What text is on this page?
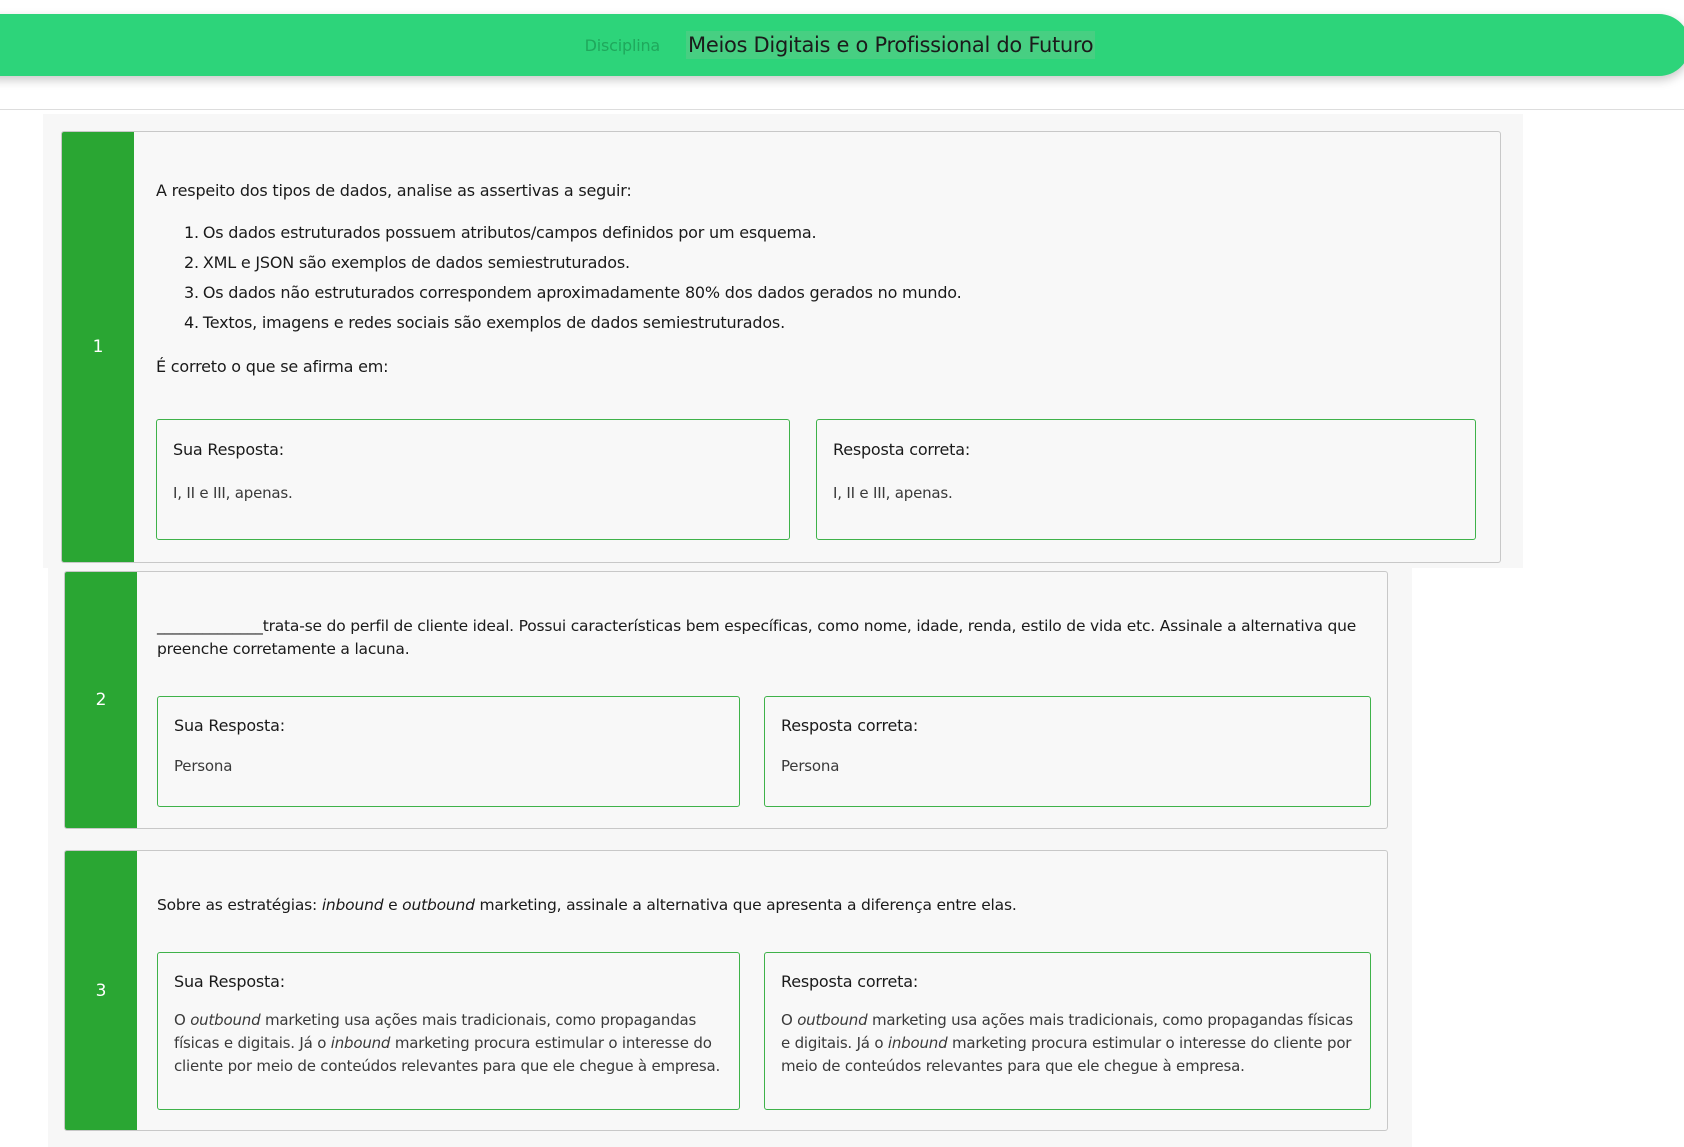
Disciplina Meios Digitais e o Profissional do Futuro
1
A respeito dos tipos de dados, analise as assertivas a seguir:
1. Os dados estruturados possuem atributos/campos definidos por um esquema.
2. XML e JSON são exemplos de dados semiestruturados.
3. Os dados não estruturados correspondem aproximadamente 80% dos dados gerados no mundo.
4. Textos, imagens e redes sociais são exemplos de dados semiestruturados.
É correto o que se afirma em:
Sua Resposta:
I, II e III, apenas.
Resposta correta:
I, II e III, apenas.
2
______________trata-se do perfil de cliente ideal. Possui características bem específicas, como nome, idade, renda, estilo de vida etc. Assinale a alternativa que preenche corretamente a lacuna.
Sua Resposta:
Persona
Resposta correta:
Persona
3
Sobre as estratégias: inbound e outbound marketing, assinale a alternativa que apresenta a diferença entre elas.
Sua Resposta:
O outbound marketing usa ações mais tradicionais, como propagandas físicas e digitais. Já o inbound marketing procura estimular o interesse do cliente por meio de conteúdos relevantes para que ele chegue à empresa.
Resposta correta:
O outbound marketing usa ações mais tradicionais, como propagandas físicas e digitais. Já o inbound marketing procura estimular o interesse do cliente por meio de conteúdos relevantes para que ele chegue à empresa.
